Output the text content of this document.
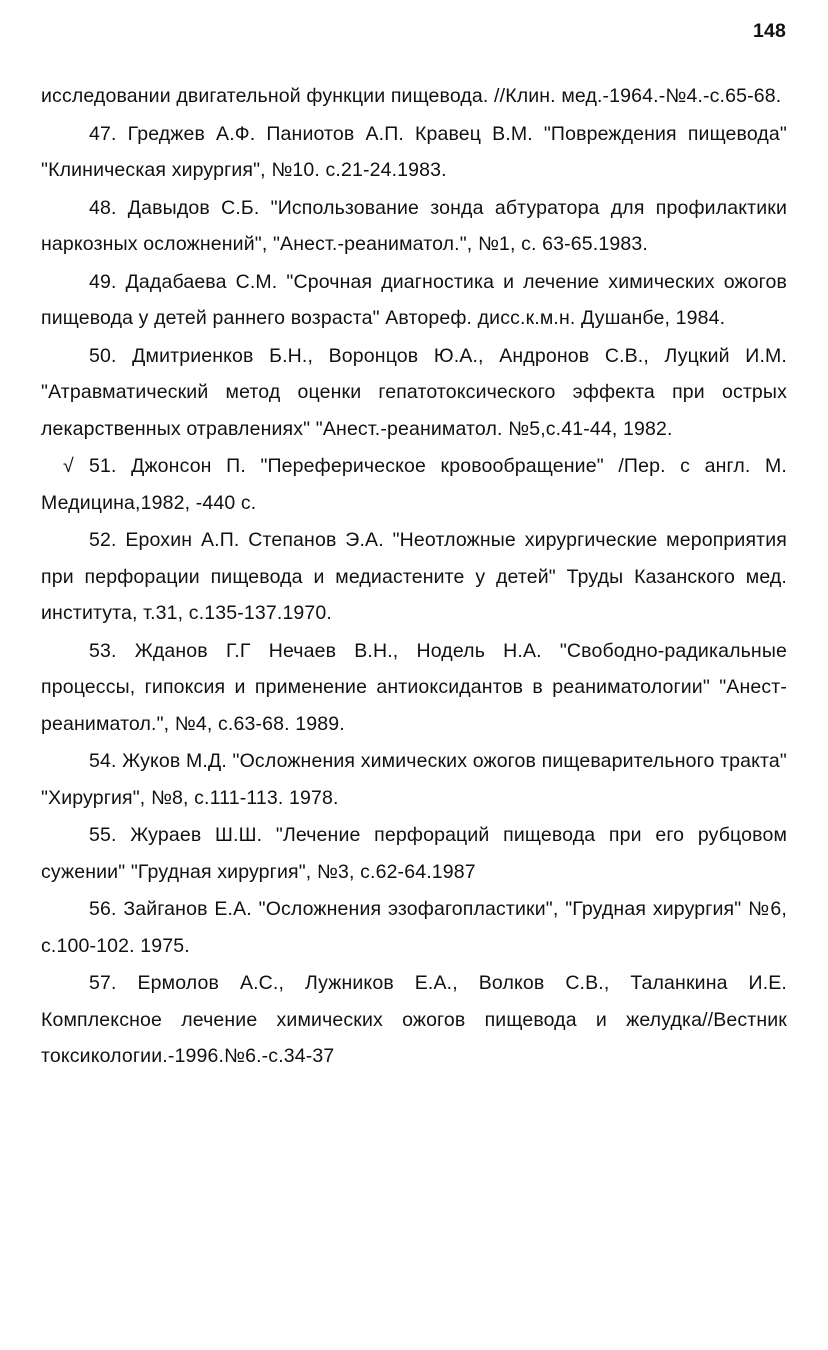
148

исследовании двигательной функции пищевода. //Клин. мед.-1964.-№4.-с.65-68.

47. Греджев А.Ф. Паниотов А.П. Кравец В.М. "Повреждения пищевода" "Клиническая хирургия", №10. с.21-24.1983.

48. Давыдов С.Б. "Использование зонда абтуратора для профилактики наркозных осложнений", "Анест.-реаниматол.", №1, с. 63-65.1983.

49. Дадабаева С.М. "Срочная диагностика и лечение химических ожогов пищевода у детей раннего возраста" Автореф. дисс.к.м.н. Душанбе, 1984.

50. Дмитриенков Б.Н., Воронцов Ю.А., Андронов С.В., Луцкий И.М. "Атравматический метод оценки гепатотоксического эффекта при острых лекарственных отравлениях" "Анест.-реаниматол. №5,с.41-44, 1982.

√ 51. Джонсон П. "Переферическое кровообращение" /Пер. с англ. М. Медицина,1982, -440 с.

52. Ерохин А.П. Степанов Э.А. "Неотложные хирургические мероприятия при перфорации пищевода и медиастените у детей" Труды Казанского мед. института, т.31, с.135-137.1970.

53. Жданов Г.Г Нечаев В.Н., Нодель Н.А. "Свободно-радикальные процессы, гипоксия и применение антиоксидантов в реаниматологии" "Анест-реаниматол.", №4, с.63-68. 1989.

54. Жуков М.Д. "Осложнения химических ожогов пищеварительного тракта" "Хирургия", №8, с.111-113. 1978.

55. Жураев Ш.Ш. "Лечение перфораций пищевода при его рубцовом сужении" "Грудная хирургия", №3, с.62-64.1987

56. Зайганов Е.А. "Осложнения эзофагопластики", "Грудная хирургия" №6, с.100-102. 1975.

57. Ермолов А.С., Лужников Е.А., Волков С.В., Таланкина И.Е. Комплексное лечение химических ожогов пищевода и желудка//Вестник токсикологии.-1996.№6.-с.34-37
